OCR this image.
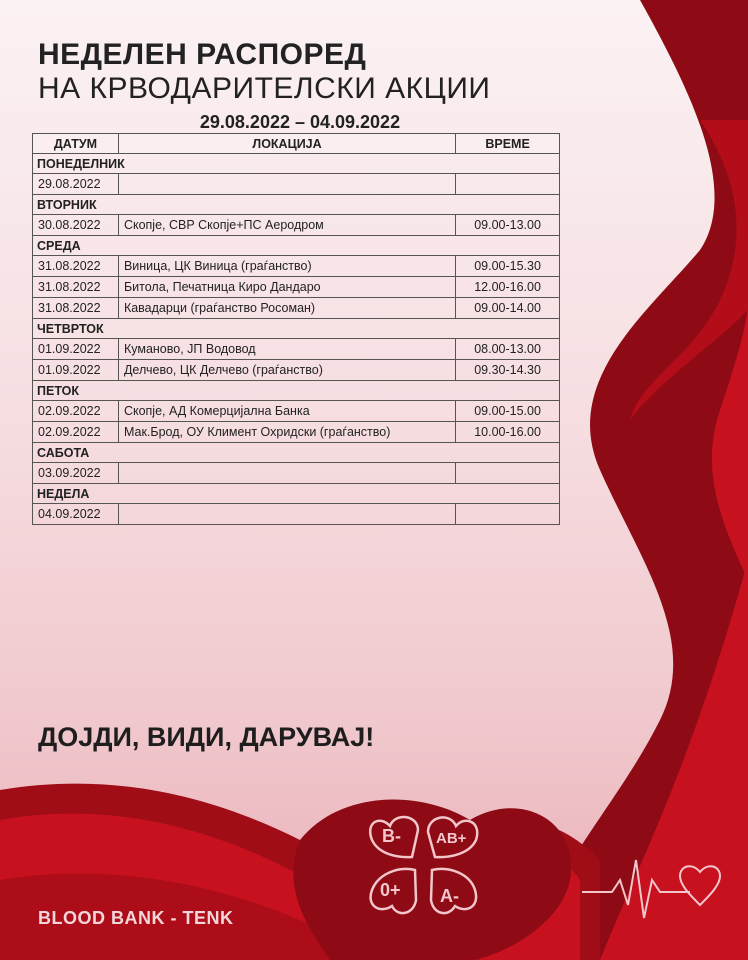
B- AB+
0+ A-
НЕДЕЛЕН РАСПОРЕД
НА КРВОДАРИТЕЛСКИ АКЦИИ
29.08.2022 – 04.09.2022
ДАТУМ	ЛОКАЦИЈА	ВРЕМЕ
ПОНЕДЕЛНИК		
29.08.2022		
ВТОРНИК		
30.08.2022	Скопје, СВР Скопје+ПС Аеродром	09.00-13.00
СРЕДА		
31.08.2022	Виница, ЦК Виница (граѓанство)	09.00-15.30
31.08.2022	Битола, Печатница Киро Дандаро	12.00-16.00
31.08.2022	Кавадарци (граѓанство Росоман)	09.00-14.00
ЧЕТВРТОК		
01.09.2022	Куманово, ЈП Водовод	08.00-13.00
01.09.2022	Делчево, ЦК Делчево (граѓанство)	09.30-14.30
ПЕТОК		
02.09.2022	Скопје, АД Комерцијална Банка	09.00-15.00
02.09.2022	Мак.Брод, ОУ Климент Охридски (граѓанство)	10.00-16.00
САБОТА		
03.09.2022		
НЕДЕЛА		
04.09.2022		
ДОЈДИ, ВИДИ, ДАРУВАЈ!
BLOOD BANK - TENK
